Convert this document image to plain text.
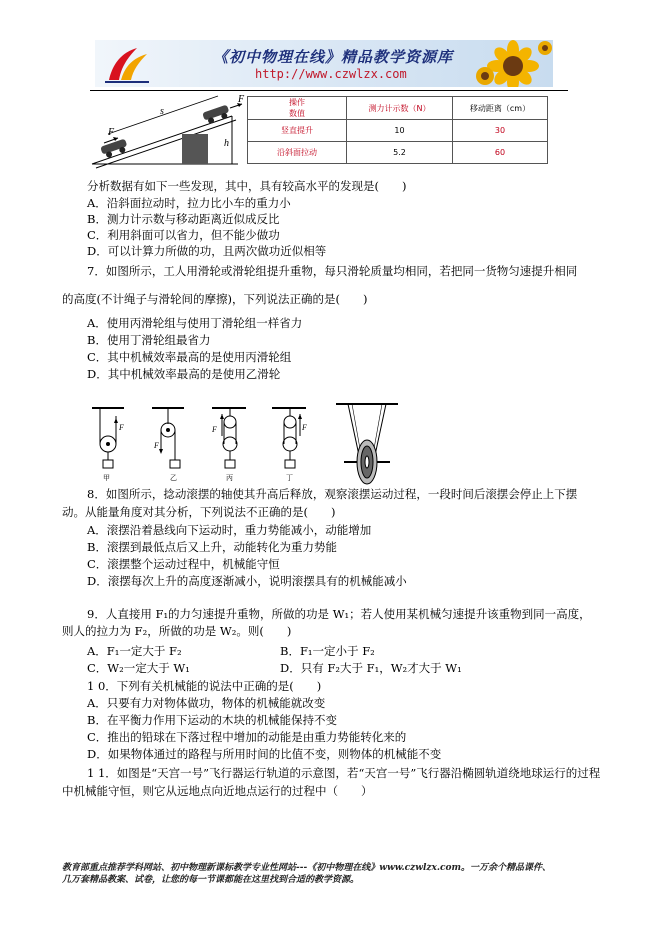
《初中物理在线》精品教学资源库
http://www.czwlzx.com
s
F
F
h
操作
数值	测力计示数（N）	移动距离（cm）
竖直提升	10	30
沿斜面拉动	5.2	60
分析数据有如下一些发现，其中，具有较高水平的发现是(　　)
A．沿斜面拉动时，拉力比小车的重力小
B．测力计示数与移动距离近似成反比
C．利用斜面可以省力，但不能少做功
D．可以计算力所做的功，且两次做功近似相等
7．如图所示，工人用滑轮或滑轮组提升重物，每只滑轮质量均相同，若把同一货物匀速提升相同
的高度(不计绳子与滑轮间的摩擦)，下列说法正确的是(　　)
A．使用丙滑轮组与使用丁滑轮组一样省力
B．使用丁滑轮组最省力
C．其中机械效率最高的是使用丙滑轮组
D．其中机械效率最高的是使用乙滑轮
F
甲
F
乙
F
丙
F
丁
8．如图所示，捻动滚摆的轴使其升高后释放，观察滚摆运动过程，一段时间后滚摆会停止上下摆
动。从能量角度对其分析，下列说法不正确的是(　　)
A．滚摆沿着悬线向下运动时，重力势能减小，动能增加
B．滚摆到最低点后又上升，动能转化为重力势能
C．滚摆整个运动过程中，机械能守恒
D．滚摆每次上升的高度逐渐减小，说明滚摆具有的机械能减小
9．人直接用 F₁的力匀速提升重物，所做的功是 W₁；若人使用某机械匀速提升该重物到同一高度，
则人的拉力为 F₂，所做的功是 W₂。则(　　)
A．F₁一定大于 F₂	B．F₁一定小于 F₂
C．W₂一定大于 W₁	D．只有 F₂大于 F₁，W₂才大于 W₁
1 0．下列有关机械能的说法中正确的是(　　)
A．只要有力对物体做功，物体的机械能就改变
B．在平衡力作用下运动的木块的机械能保持不变
C．推出的铅球在下落过程中增加的动能是由重力势能转化来的
D．如果物体通过的路程与所用时间的比值不变，则物体的机械能不变
1 1．如图是“天宫一号”飞行器运行轨道的示意图，若“天宫一号”飞行器沿椭圆轨道绕地球运行的过程
中机械能守恒，则它从远地点向近地点运行的过程中（　　）
教育部重点推荐学科网站、初中物理新课标教学专业性网站---《初中物理在线》www.czwlzx.com。一万余个精品课件、
几万套精品教案、试卷，让您的每一节课都能在这里找到合适的教学资源。
